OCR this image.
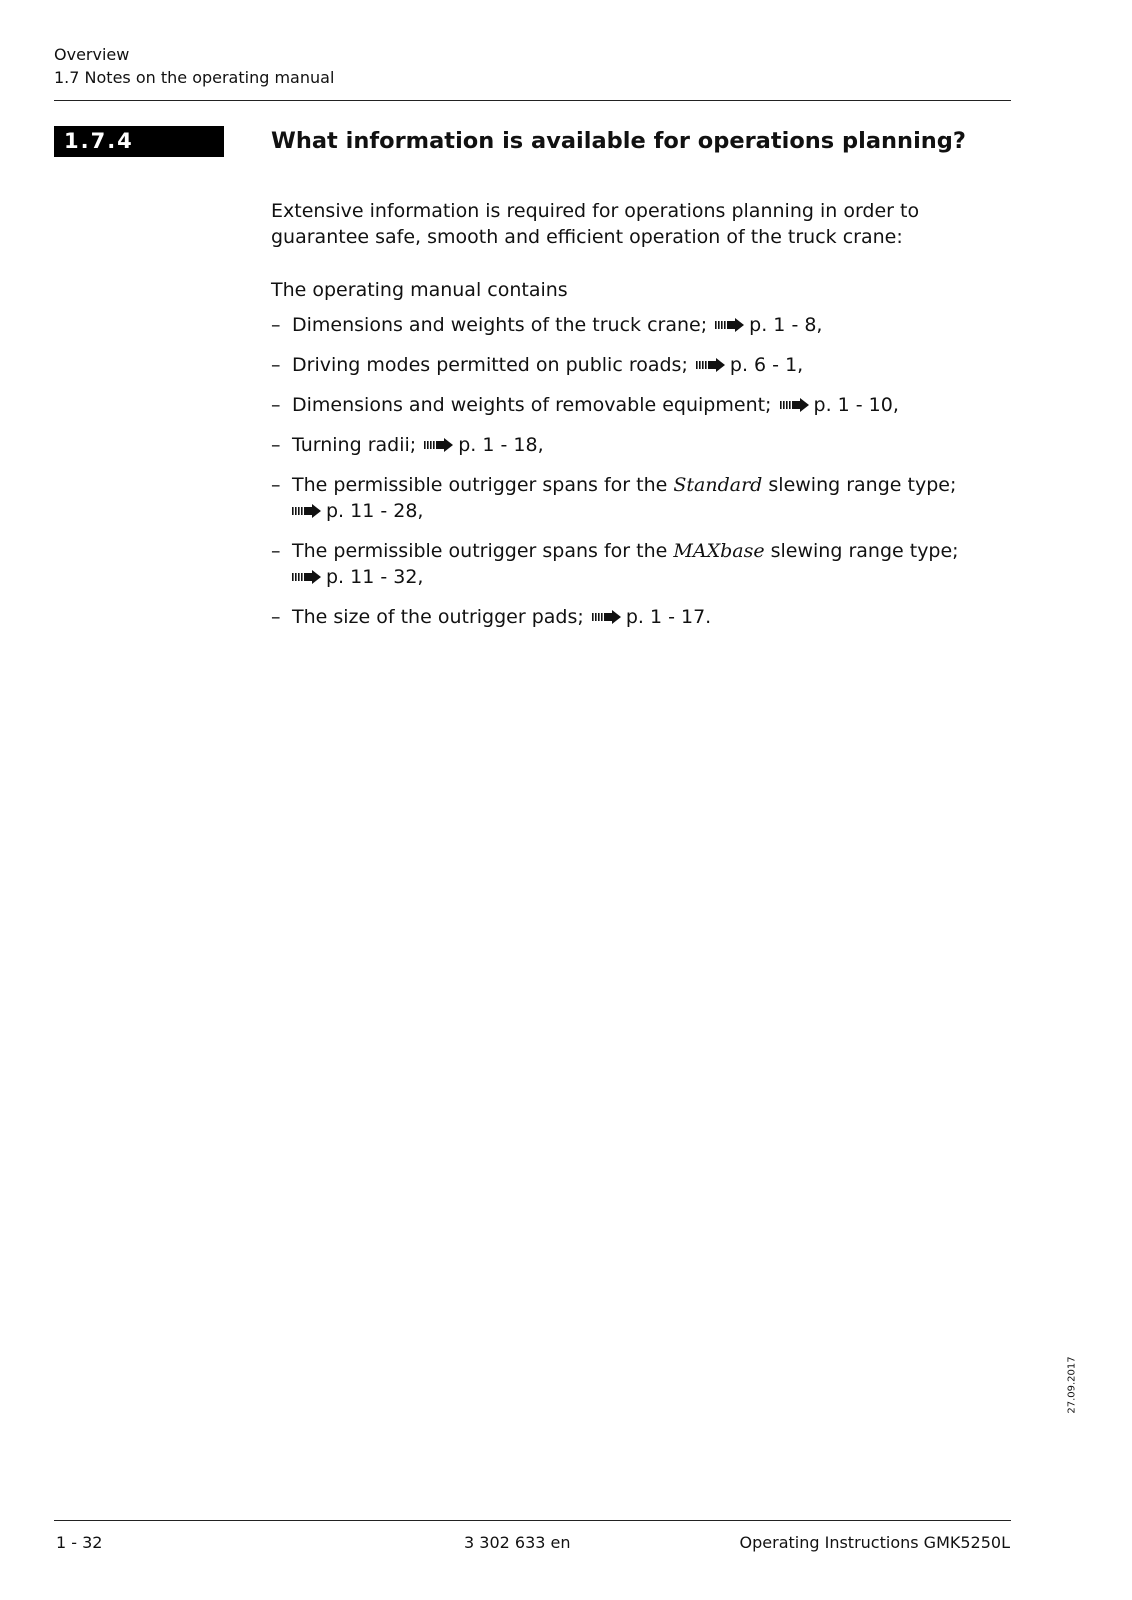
Overview
1.7 Notes on the operating manual
1.7.4	What information is available for operations planning?

Extensive information is required for operations planning in order to guarantee safe, smooth and efficient operation of the truck crane:

The operating manual contains

– Dimensions and weights of the truck crane; p. 1 - 8,
– Driving modes permitted on public roads; p. 6 - 1,
– Dimensions and weights of removable equipment; p. 1 - 10,
– Turning radii; p. 1 - 18,
– The permissible outrigger spans for the Standard slewing range type;
p. 11 - 28,
– The permissible outrigger spans for the MAXbase slewing range type;
p. 11 - 32,
– The size of the outrigger pads; p. 1 - 17.
27.09.2017
1 - 32	3 302 633 en	Operating Instructions GMK5250L
